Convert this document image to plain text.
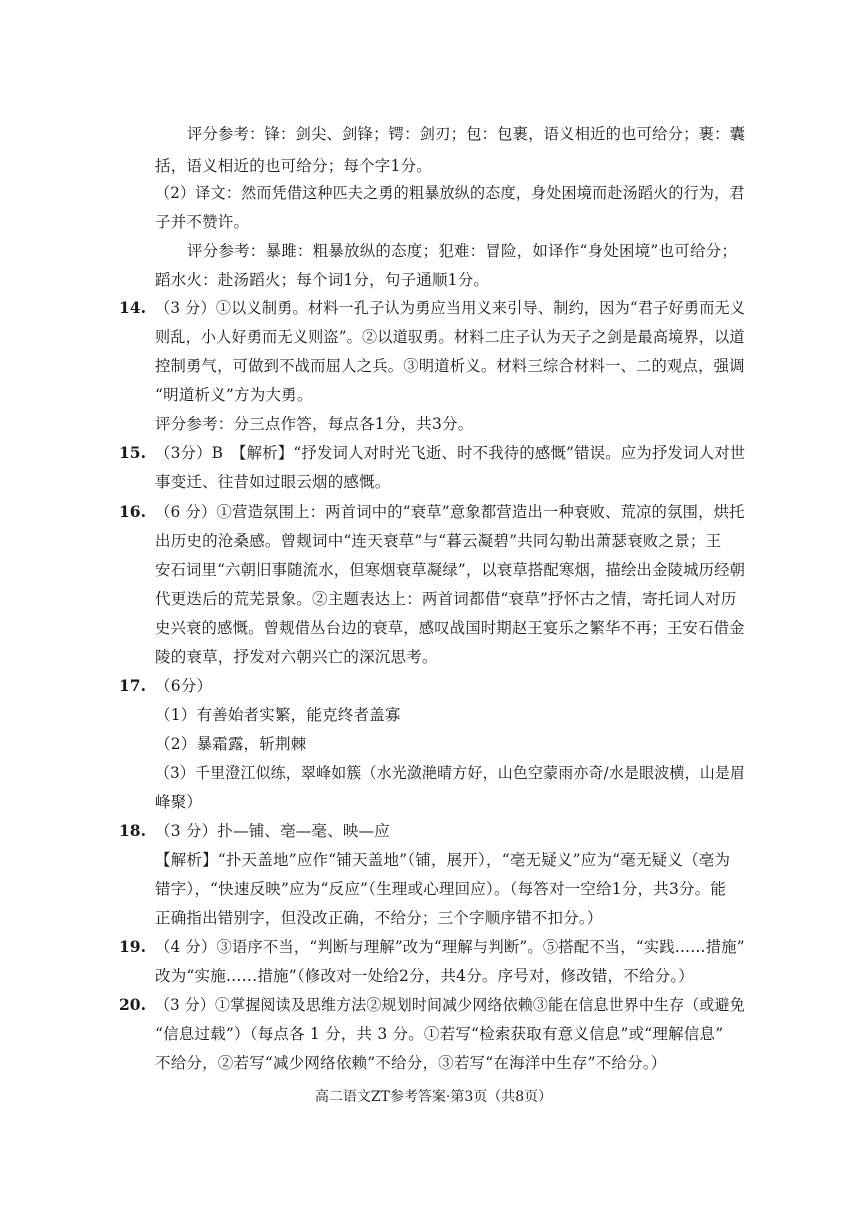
评分参考：锋：剑尖、剑锋；锷：剑刃；包：包裹，语义相近的也可给分；裹：囊
括，语义相近的也可给分；每个字1分。
（2）译文：然而凭借这种匹夫之勇的粗暴放纵的态度，身处困境而赴汤蹈火的行为，君
子并不赞许。
评分参考：暴雎：粗暴放纵的态度；犯难：冒险，如译作“身处困境”也可给分；
蹈水火：赴汤蹈火；每个词1分，句子通顺1分。
14. （3 分）①以义制勇。材料一孔子认为勇应当用义来引导、制约，因为“君子好勇而无义
则乱，小人好勇而无义则盗”。②以道驭勇。材料二庄子认为天子之剑是最高境界，以道
控制勇气，可做到不战而屈人之兵。③明道析义。材料三综合材料一、二的观点，强调
“明道析义”方为大勇。
评分参考：分三点作答，每点各1分，共3分。
15. （3分）B　【解析】“抒发词人对时光飞逝、时不我待的感慨”错误。应为抒发词人对世
事变迁、往昔如过眼云烟的感慨。
16. （6 分）①营造氛围上：两首词中的“衰草”意象都营造出一种衰败、荒凉的氛围，烘托
出历史的沧桑感。曾觌词中“连天衰草”与“暮云凝碧”共同勾勒出萧瑟衰败之景；王
安石词里“六朝旧事随流水，但寒烟衰草凝绿”，以衰草搭配寒烟，描绘出金陵城历经朝
代更迭后的荒芜景象。②主题表达上：两首词都借“衰草”抒怀古之情，寄托词人对历
史兴衰的感慨。曾觌借丛台边的衰草，感叹战国时期赵王宴乐之繁华不再；王安石借金
陵的衰草，抒发对六朝兴亡的深沉思考。
17. （6分）
（1）有善始者实繁，能克终者盖寡
（2）暴霜露，斩荆棘
（3）千里澄江似练，翠峰如簇（水光潋滟晴方好，山色空蒙雨亦奇/水是眼波横，山是眉
峰聚）
18. （3 分）扑—铺、亳—毫、映—应
【解析】“扑天盖地”应作“铺天盖地”（铺，展开），“亳无疑义”应为“毫无疑义（亳为
错字），“快速反映”应为“反应”（生理或心理回应）。（每答对一空给1分，共3分。能
正确指出错别字，但没改正确，不给分；三个字顺序错不扣分。）
19. （4 分）③语序不当，“判断与理解”改为“理解与判断”。⑤搭配不当，“实践……措施”
改为“实施……措施”（修改对一处给2分，共4分。序号对，修改错，不给分。）
20. （3 分）①掌握阅读及思维方法②规划时间减少网络依赖③能在信息世界中生存（或避免
“信息过载”）（每点各 1 分，共 3 分。①若写“检索获取有意义信息”或“理解信息”
不给分，②若写“减少网络依赖”不给分，③若写“在海洋中生存”不给分。）
高二语文ZT参考答案·第3页（共8页）
